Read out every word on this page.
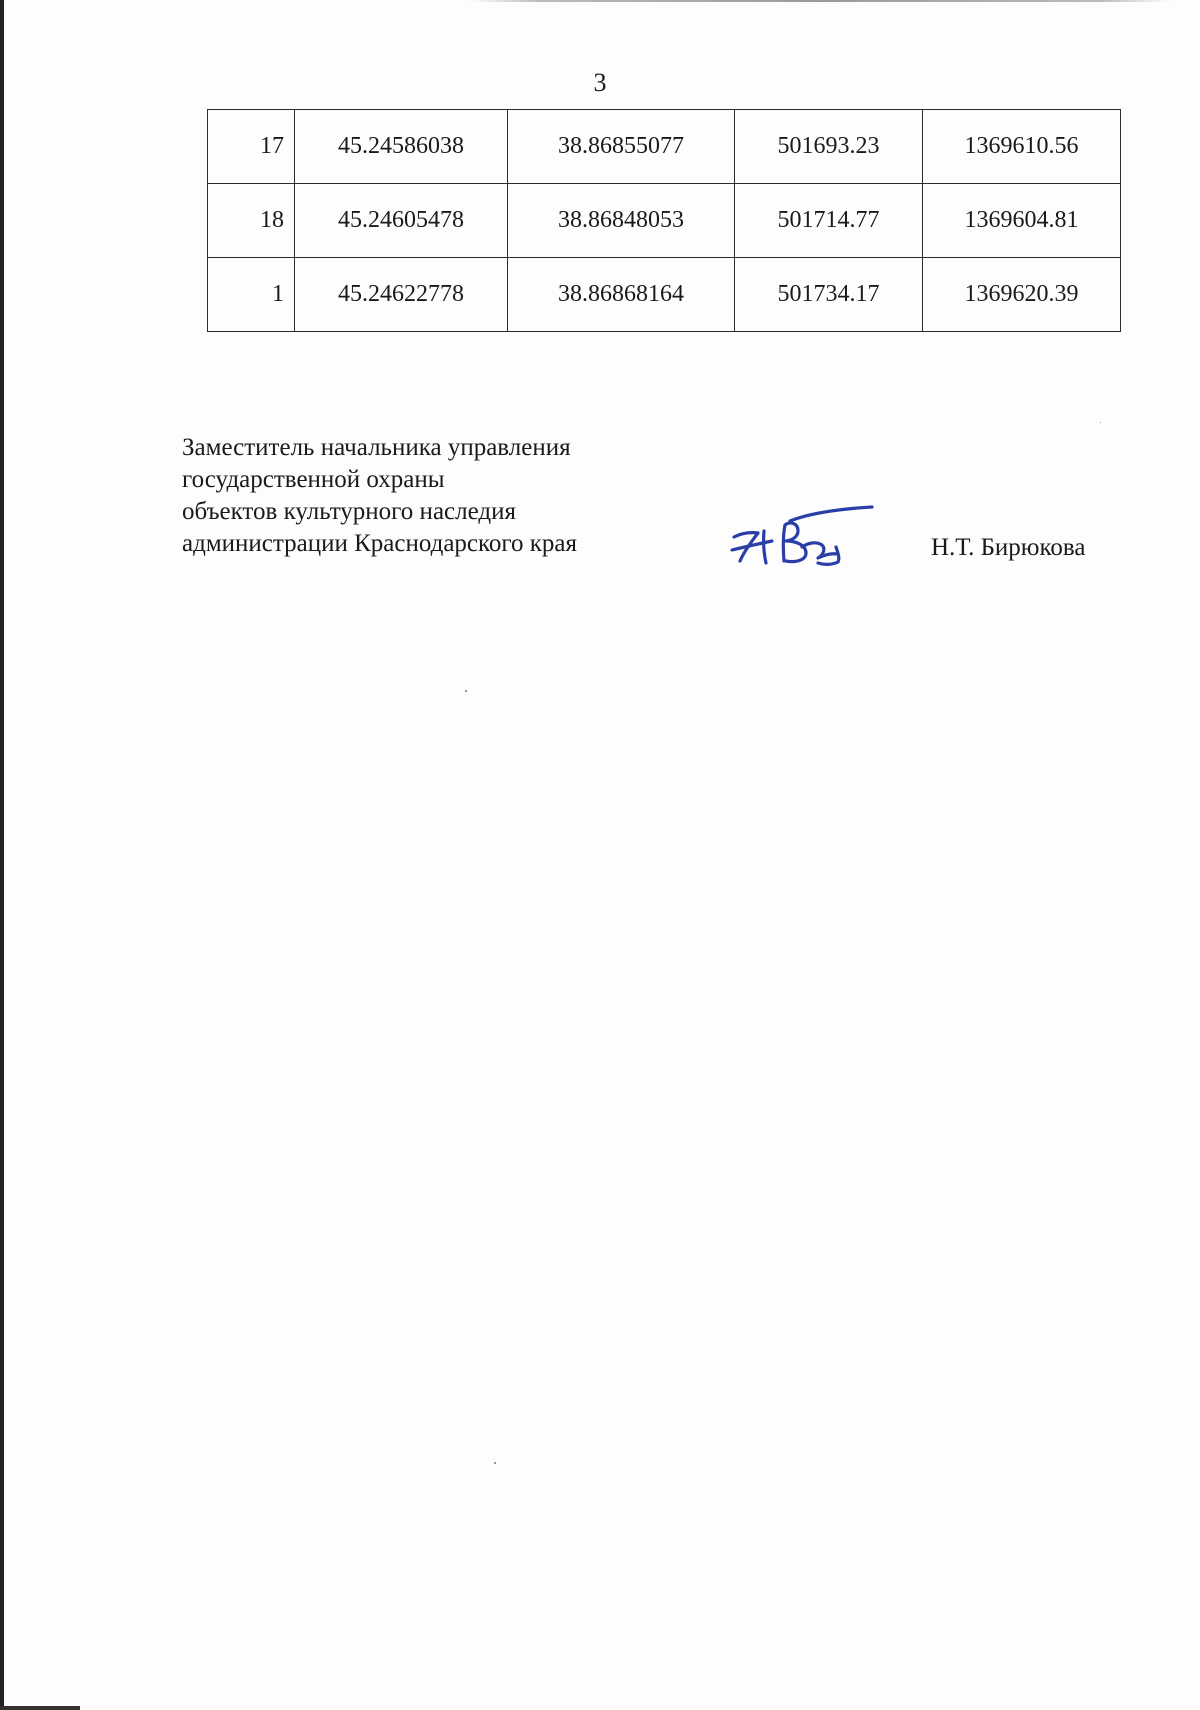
3
17	45.24586038	38.86855077	501693.23	1369610.56
18	45.24605478	38.86848053	501714.77	1369604.81
1	45.24622778	38.86868164	501734.17	1369620.39
Заместитель начальника управления
государственной охраны
объектов культурного наследия
администрации Краснодарского края	Н.Т. Бирюкова
